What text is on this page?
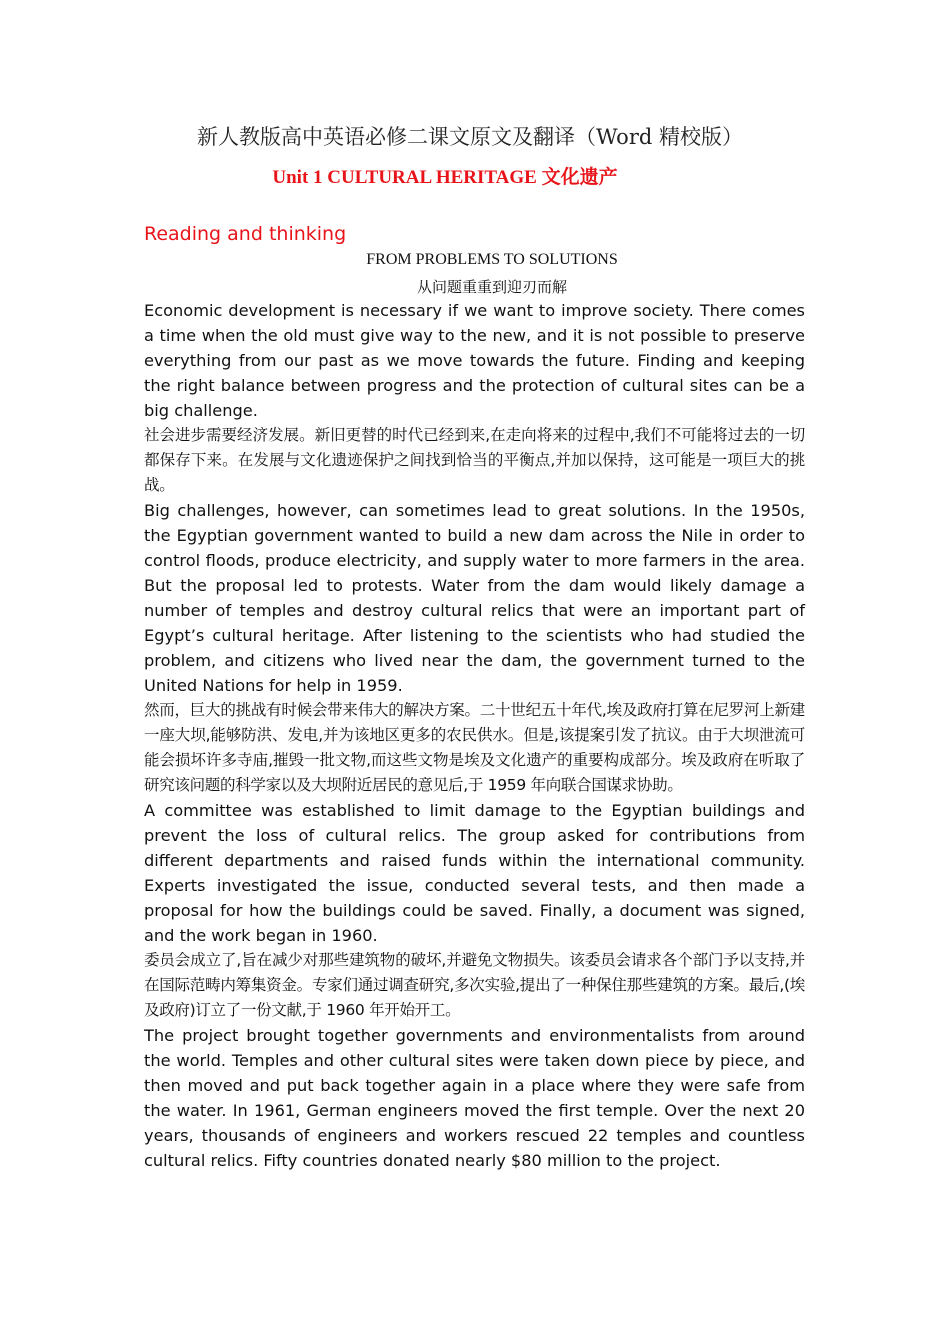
新人教版高中英语必修二课文原文及翻译（Word 精校版）
Unit 1 CULTURAL HERITAGE 文化遗产
Reading and thinking
FROM PROBLEMS TO SOLUTIONS
从问题重重到迎刃而解

Economic development is necessary if we want to improve society. There comes a time when the old must give way to the new, and it is not possible to preserve everything from our past as we move towards the future. Finding and keeping the right balance between progress and the protection of cultural sites can be a big challenge.

社会进步需要经济发展。新旧更替的时代已经到来,在走向将来的过程中,我们不可能将过去的一切都保存下来。在发展与文化遗迹保护之间找到恰当的平衡点,并加以保持，这可能是一项巨大的挑战。

Big challenges, however, can sometimes lead to great solutions. In the 1950s, the Egyptian government wanted to build a new dam across the Nile in order to control floods, produce electricity, and supply water to more farmers in the area. But the proposal led to protests. Water from the dam would likely damage a number of temples and destroy cultural relics that were an important part of Egypt’s cultural heritage. After listening to the scientists who had studied the problem, and citizens who lived near the dam, the government turned to the United Nations for help in 1959.

然而，巨大的挑战有时候会带来伟大的解决方案。二十世纪五十年代,埃及政府打算在尼罗河上新建一座大坝,能够防洪、发电,并为该地区更多的农民供水。但是,该提案引发了抗议。由于大坝泄流可能会损坏许多寺庙,摧毁一批文物,而这些文物是埃及文化遗产的重要构成部分。埃及政府在听取了研究该问题的科学家以及大坝附近居民的意见后,于 1959 年向联合国谋求协助。

A committee was established to limit damage to the Egyptian buildings and prevent the loss of cultural relics. The group asked for contributions from different departments and raised funds within the international community. Experts investigated the issue, conducted several tests, and then made a proposal for how the buildings could be saved. Finally, a document was signed, and the work began in 1960.

委员会成立了,旨在减少对那些建筑物的破坏,并避免文物损失。该委员会请求各个部门予以支持,并在国际范畴内筹集资金。专家们通过调查研究,多次实验,提出了一种保住那些建筑的方案。最后,(埃及政府)订立了一份文献,于 1960 年开始开工。

The project brought together governments and environmentalists from around the world. Temples and other cultural sites were taken down piece by piece, and then moved and put back together again in a place where they were safe from the water. In 1961, German engineers moved the first temple. Over the next 20 years, thousands of engineers and workers rescued 22 temples and countless cultural relics. Fifty countries donated nearly $80 million to the project.
